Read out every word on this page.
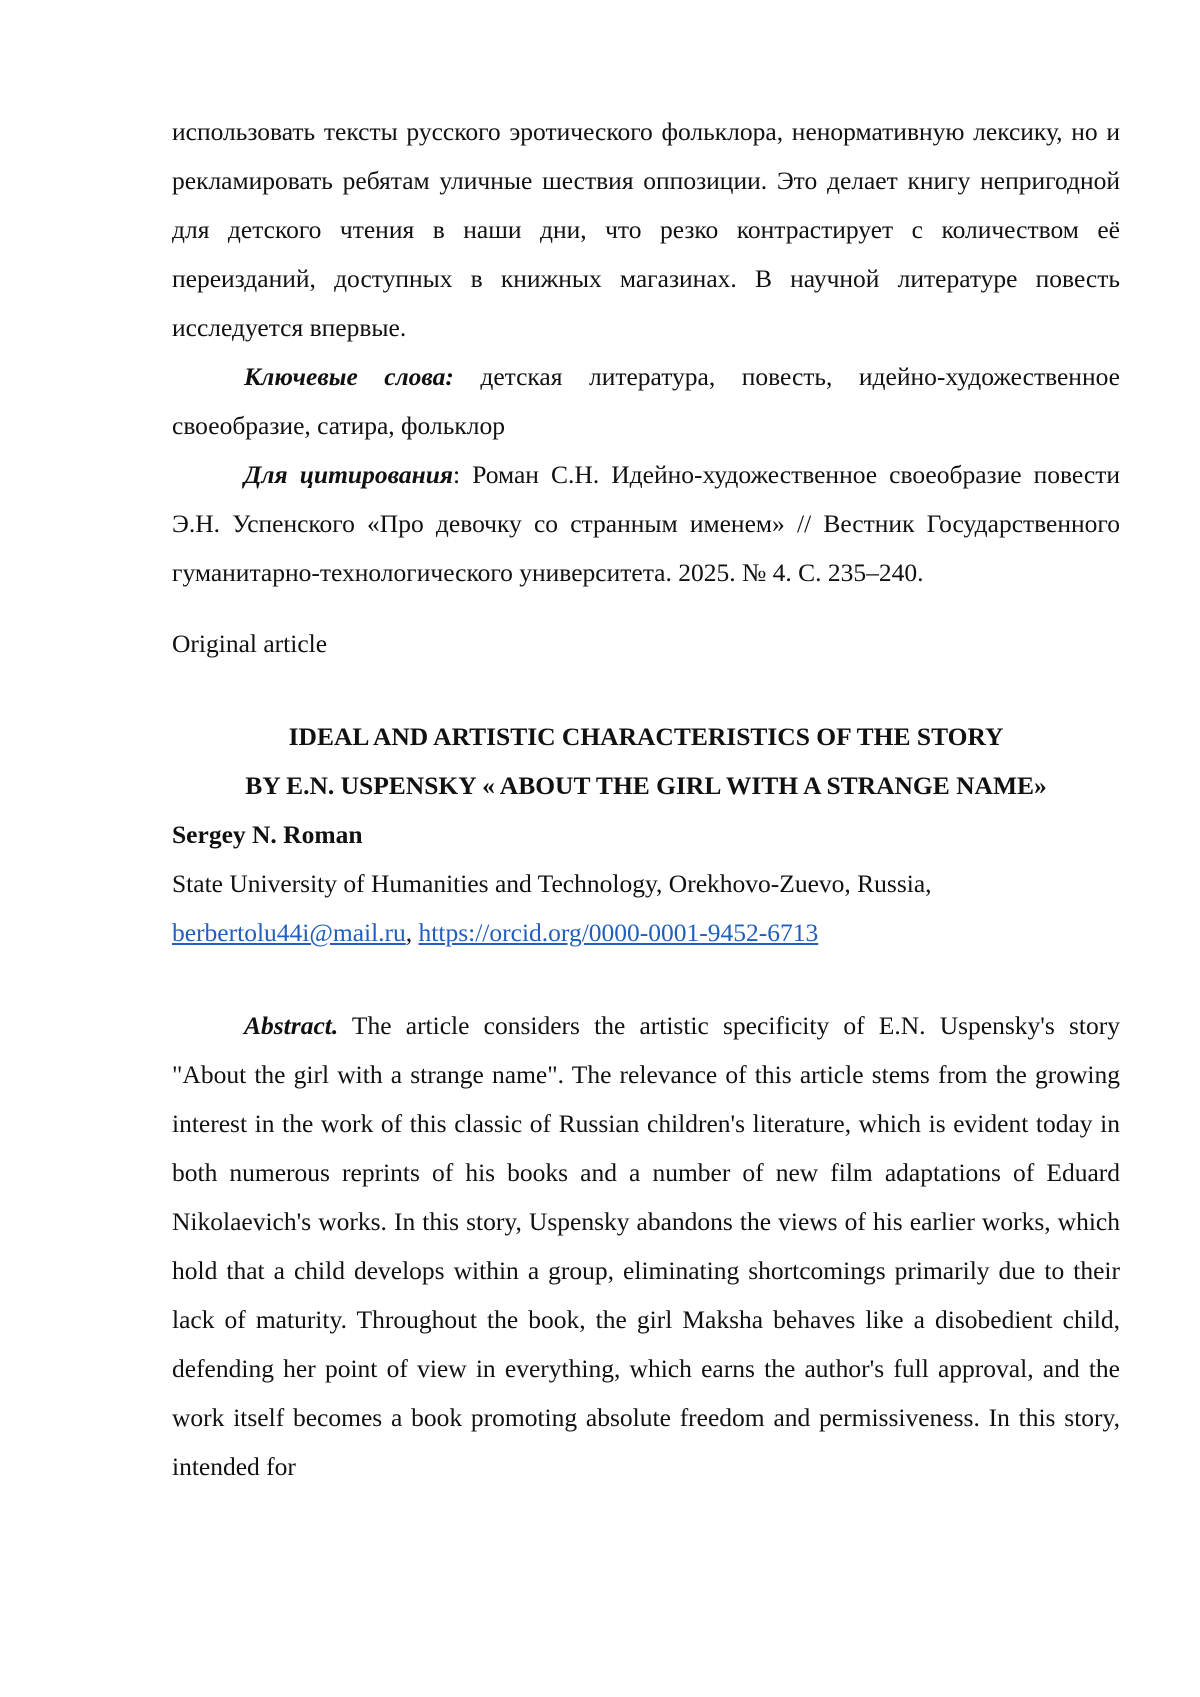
использовать тексты русского эротического фольклора, ненормативную лексику, но и рекламировать ребятам уличные шествия оппозиции. Это делает книгу непригодной для детского чтения в наши дни, что резко контрастирует с количеством её переизданий, доступных в книжных магазинах. В научной литературе повесть исследуется впервые.

Ключевые слова: детская литература, повесть, идейно-художественное своеобразие, сатира, фольклор

Для цитирования: Роман С.Н. Идейно-художественное своеобразие повести Э.Н. Успенского «Про девочку со странным именем» // Вестник Государственного гуманитарно-технологического университета. 2025. № 4. С. 235–240.

Original article

IDEAL AND ARTISTIC CHARACTERISTICS OF THE STORY

BY E.N. USPENSKY « ABOUT THE GIRL WITH A STRANGE NAME»

Sergey N. Roman

State University of Humanities and Technology, Orekhovo-Zuevo, Russia,

berbertolu44i@mail.ru, https://orcid.org/0000-0001-9452-6713

Abstract. The article considers the artistic specificity of E.N. Uspensky's story "About the girl with a strange name". The relevance of this article stems from the growing interest in the work of this classic of Russian children's literature, which is evident today in both numerous reprints of his books and a number of new film adaptations of Eduard Nikolaevich's works. In this story, Uspensky abandons the views of his earlier works, which hold that a child develops within a group, eliminating shortcomings primarily due to their lack of maturity. Throughout the book, the girl Maksha behaves like a disobedient child, defending her point of view in everything, which earns the author's full approval, and the work itself becomes a book promoting absolute freedom and permissiveness. In this story, intended for
